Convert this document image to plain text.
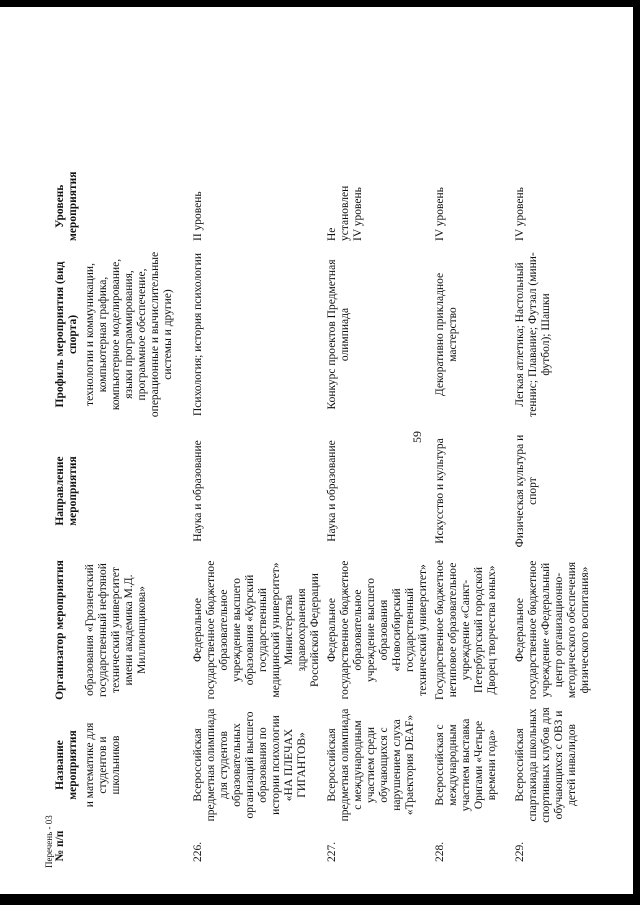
59
Перечень - 03 № п/п	Название мероприятия	Организатор мероприятия	Направление мероприятия	Профиль мероприятия (вид спорта)	Уровень мероприятия
	и математике для студентов и школьников	образования «Грозненский государственный нефтяной технический университет имени академика М.Д. Миллионщикова»		технологии и коммуникации, компьютерная графика, компьютерное моделирование, языки программирования, программное обеспечение, операционные и вычислительные системы и другие)	
226.	Всероссийская предметная олимпиада для студентов образовательных организаций высшего образования по истории психологии «НА ПЛЕЧАХ ГИГАНТОВ»	Федеральное государственное бюджетное образовательное учреждение высшего образования «Курский государственный медицинский университет» Министерства здравоохранения Российской Федерации	Наука и образование	Психология; история психологии	II уровень
227.	Всероссийская предметная олимпиада с международным участием среди обучающихся с нарушением слуха «Траектория DEAF»	Федеральное государственное бюджетное образовательное учреждение высшего образования «Новосибирский государственный технический университет»	Наука и образование	Конкурс проектов Предметная олимпиада	Не установлен IV уровень
228.	Всероссийская с международным участием выставка Оригами «Четыре времени года»	Государственное бюджетное нетиповое образовательное учреждение «Санкт-Петербургский городской Дворец творчества юных»	Искусство и культура	Декоративно прикладное мастерство	IV уровень
229.	Всероссийская спартакиада школьных спортивных клубов для обучающихся с ОВЗ и детей инвалидов	Федеральное государственное бюджетное учреждение «Федеральный центр организационно-методического обеспечения физического воспитания»	Физическая культура и спорт	Легкая атлетика; Настольный теннис; Плавание; Футзал (мини-футбол); Шашки	IV уровень
